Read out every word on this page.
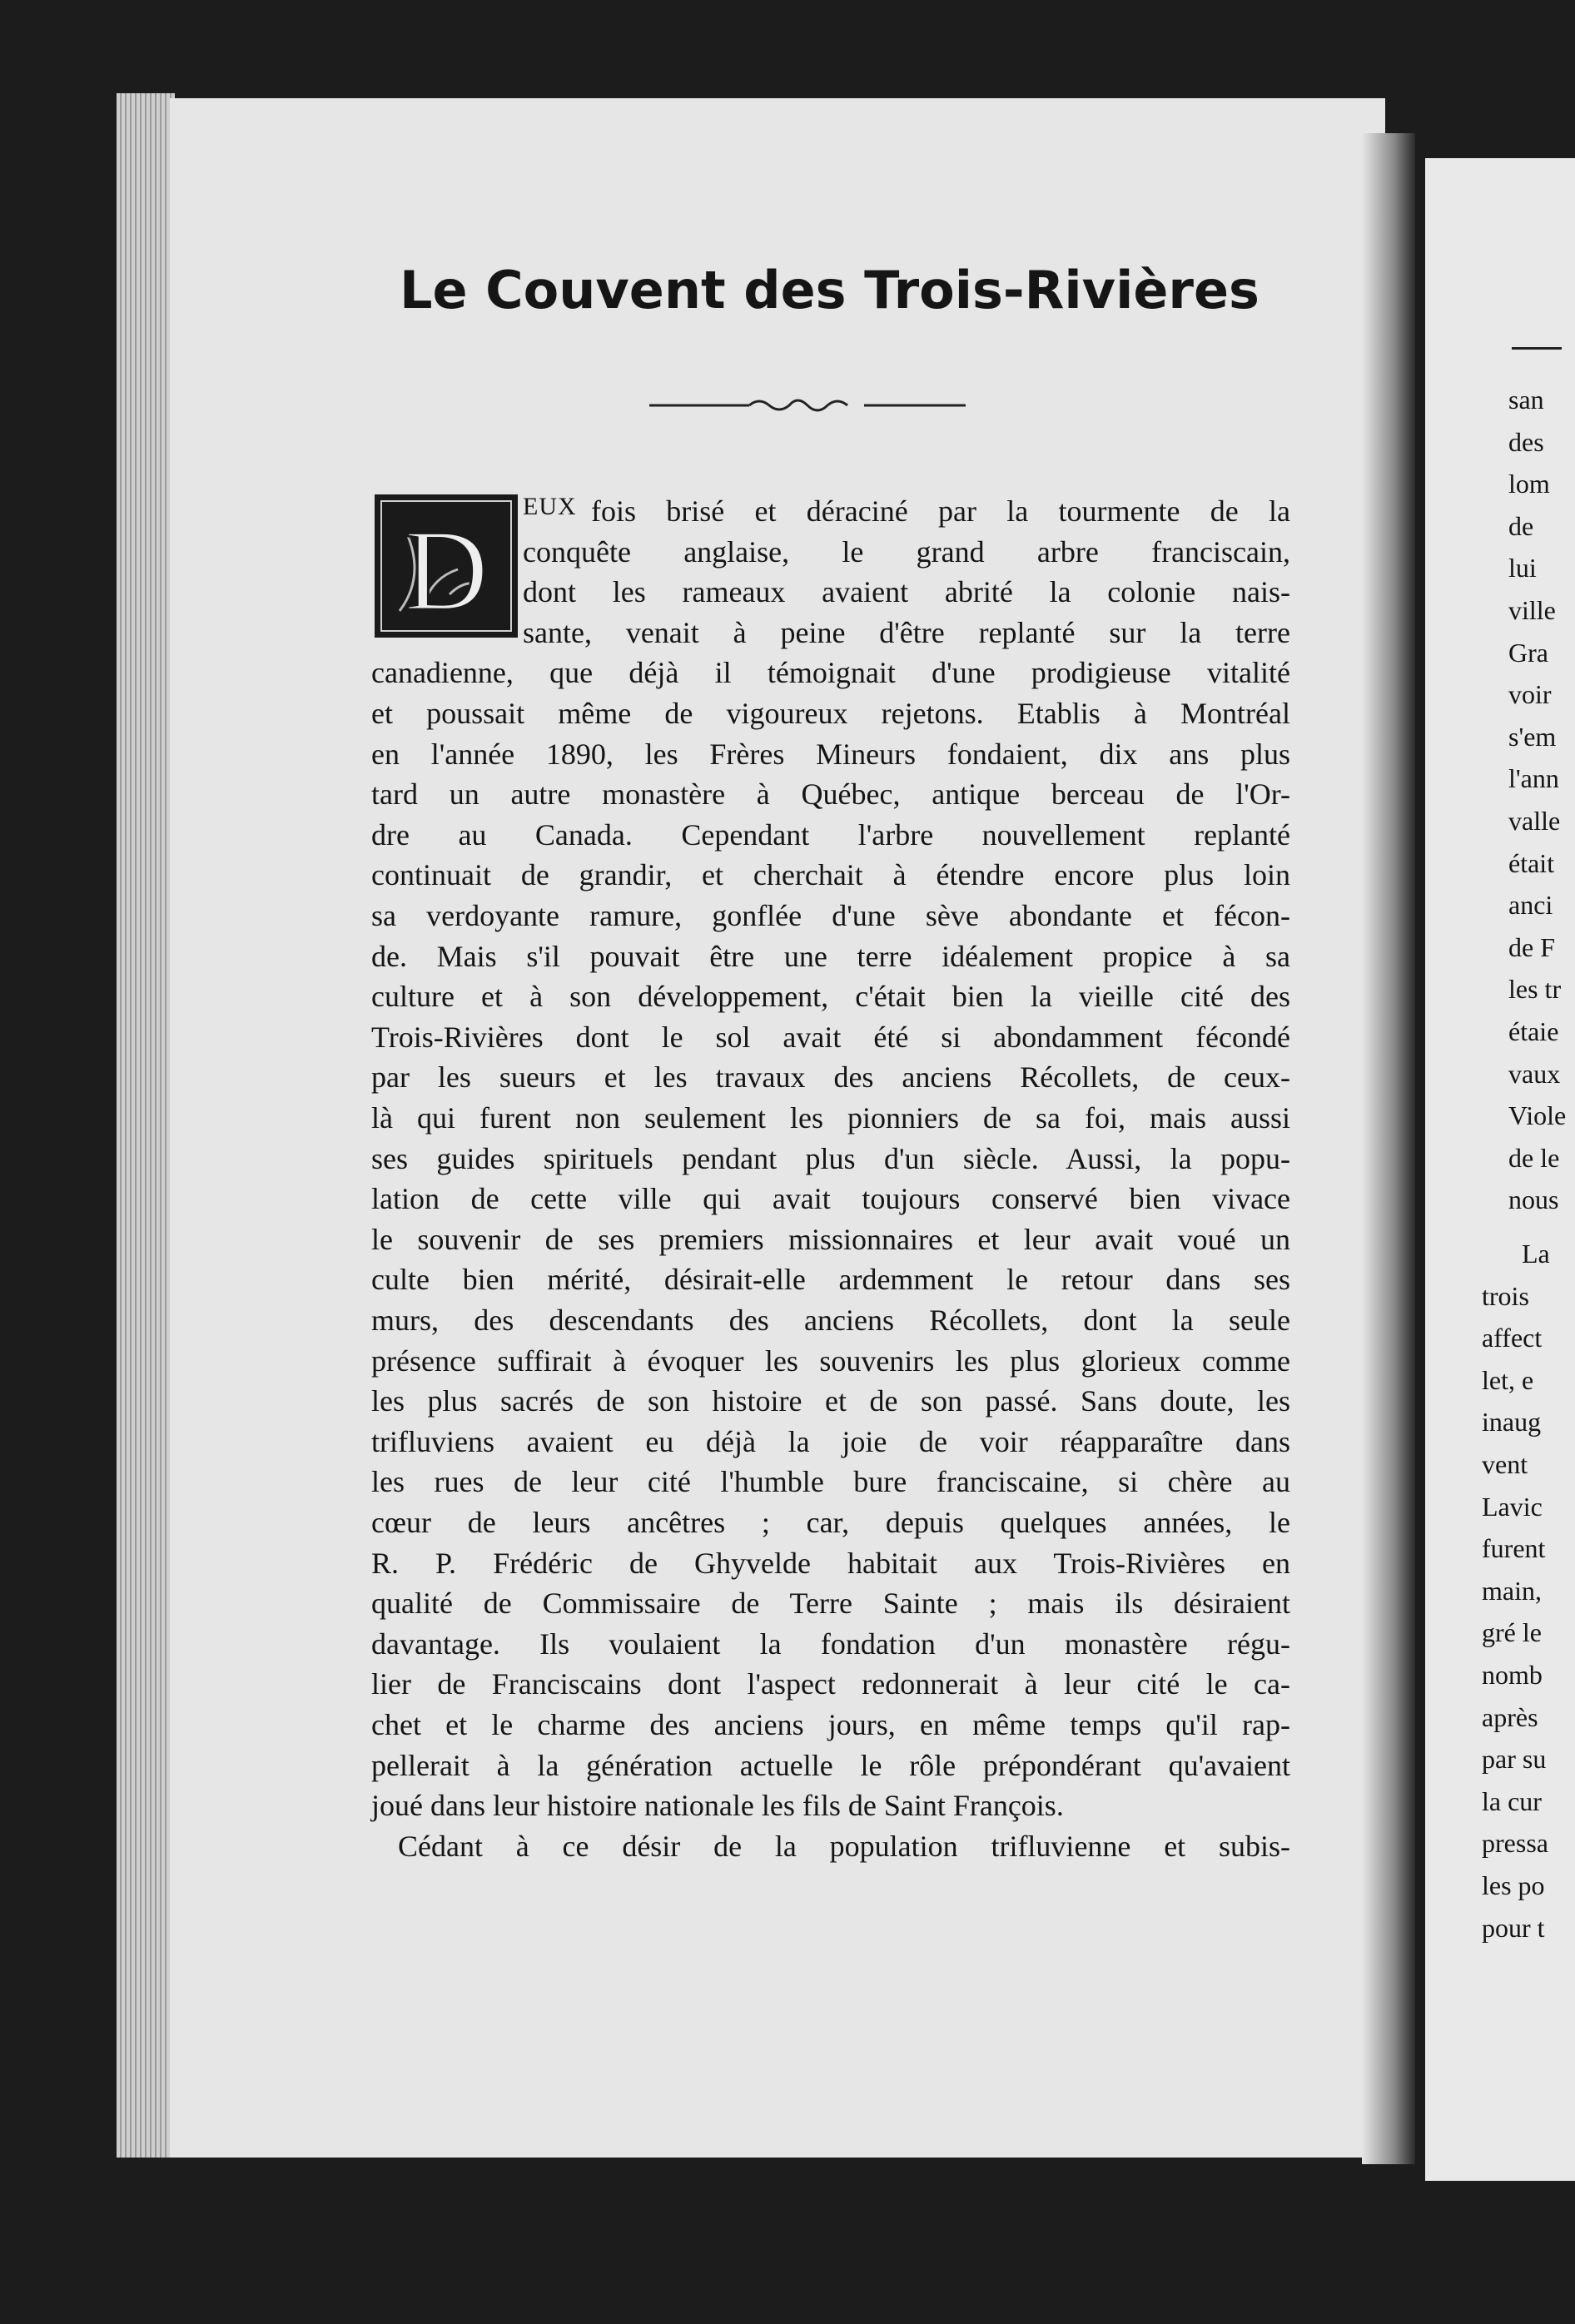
Le Couvent des Trois-Rivières
D EUX fois brisé et déraciné par la tourmente de la
conquête anglaise, le grand arbre franciscain,
dont les rameaux avaient abrité la colonie nais-
sante, venait à peine d'être replanté sur la terre
canadienne, que déjà il témoignait d'une prodigieuse vitalité
et poussait même de vigoureux rejetons. Etablis à Montréal
en l'année 1890, les Frères Mineurs fondaient, dix ans plus
tard un autre monastère à Québec, antique berceau de l'Or-
dre au Canada. Cependant l'arbre nouvellement replanté
continuait de grandir, et cherchait à étendre encore plus loin
sa verdoyante ramure, gonflée d'une sève abondante et fécon-
de. Mais s'il pouvait être une terre idéalement propice à sa
culture et à son développement, c'était bien la vieille cité des
Trois-Rivières dont le sol avait été si abondamment fécondé
par les sueurs et les travaux des anciens Récollets, de ceux-
là qui furent non seulement les pionniers de sa foi, mais aussi
ses guides spirituels pendant plus d'un siècle. Aussi, la popu-
lation de cette ville qui avait toujours conservé bien vivace
le souvenir de ses premiers missionnaires et leur avait voué un
culte bien mérité, désirait-elle ardemment le retour dans ses
murs, des descendants des anciens Récollets, dont la seule
présence suffirait à évoquer les souvenirs les plus glorieux comme
les plus sacrés de son histoire et de son passé. Sans doute, les
trifluviens avaient eu déjà la joie de voir réapparaître dans
les rues de leur cité l'humble bure franciscaine, si chère au
cœur de leurs ancêtres ; car, depuis quelques années, le
R. P. Frédéric de Ghyvelde habitait aux Trois-Rivières en
qualité de Commissaire de Terre Sainte ; mais ils désiraient
davantage. Ils voulaient la fondation d'un monastère régu-
lier de Franciscains dont l'aspect redonnerait à leur cité le ca-
chet et le charme des anciens jours, en même temps qu'il rap-
pellerait à la génération actuelle le rôle prépondérant qu'avaient
joué dans leur histoire nationale les fils de Saint François.
Cédant à ce désir de la population trifluvienne et subis-
san
des
lom
de
lui
ville
Gra
voir
s'em
l'ann
valle
était
anci
de F
les tr
étaie
vaux
Viole
de le
nous
La
trois
affect
let, e
inaug
vent
Lavic
furent
main,
gré le
nomb
après
par su
la cur
pressa
les po
pour t
